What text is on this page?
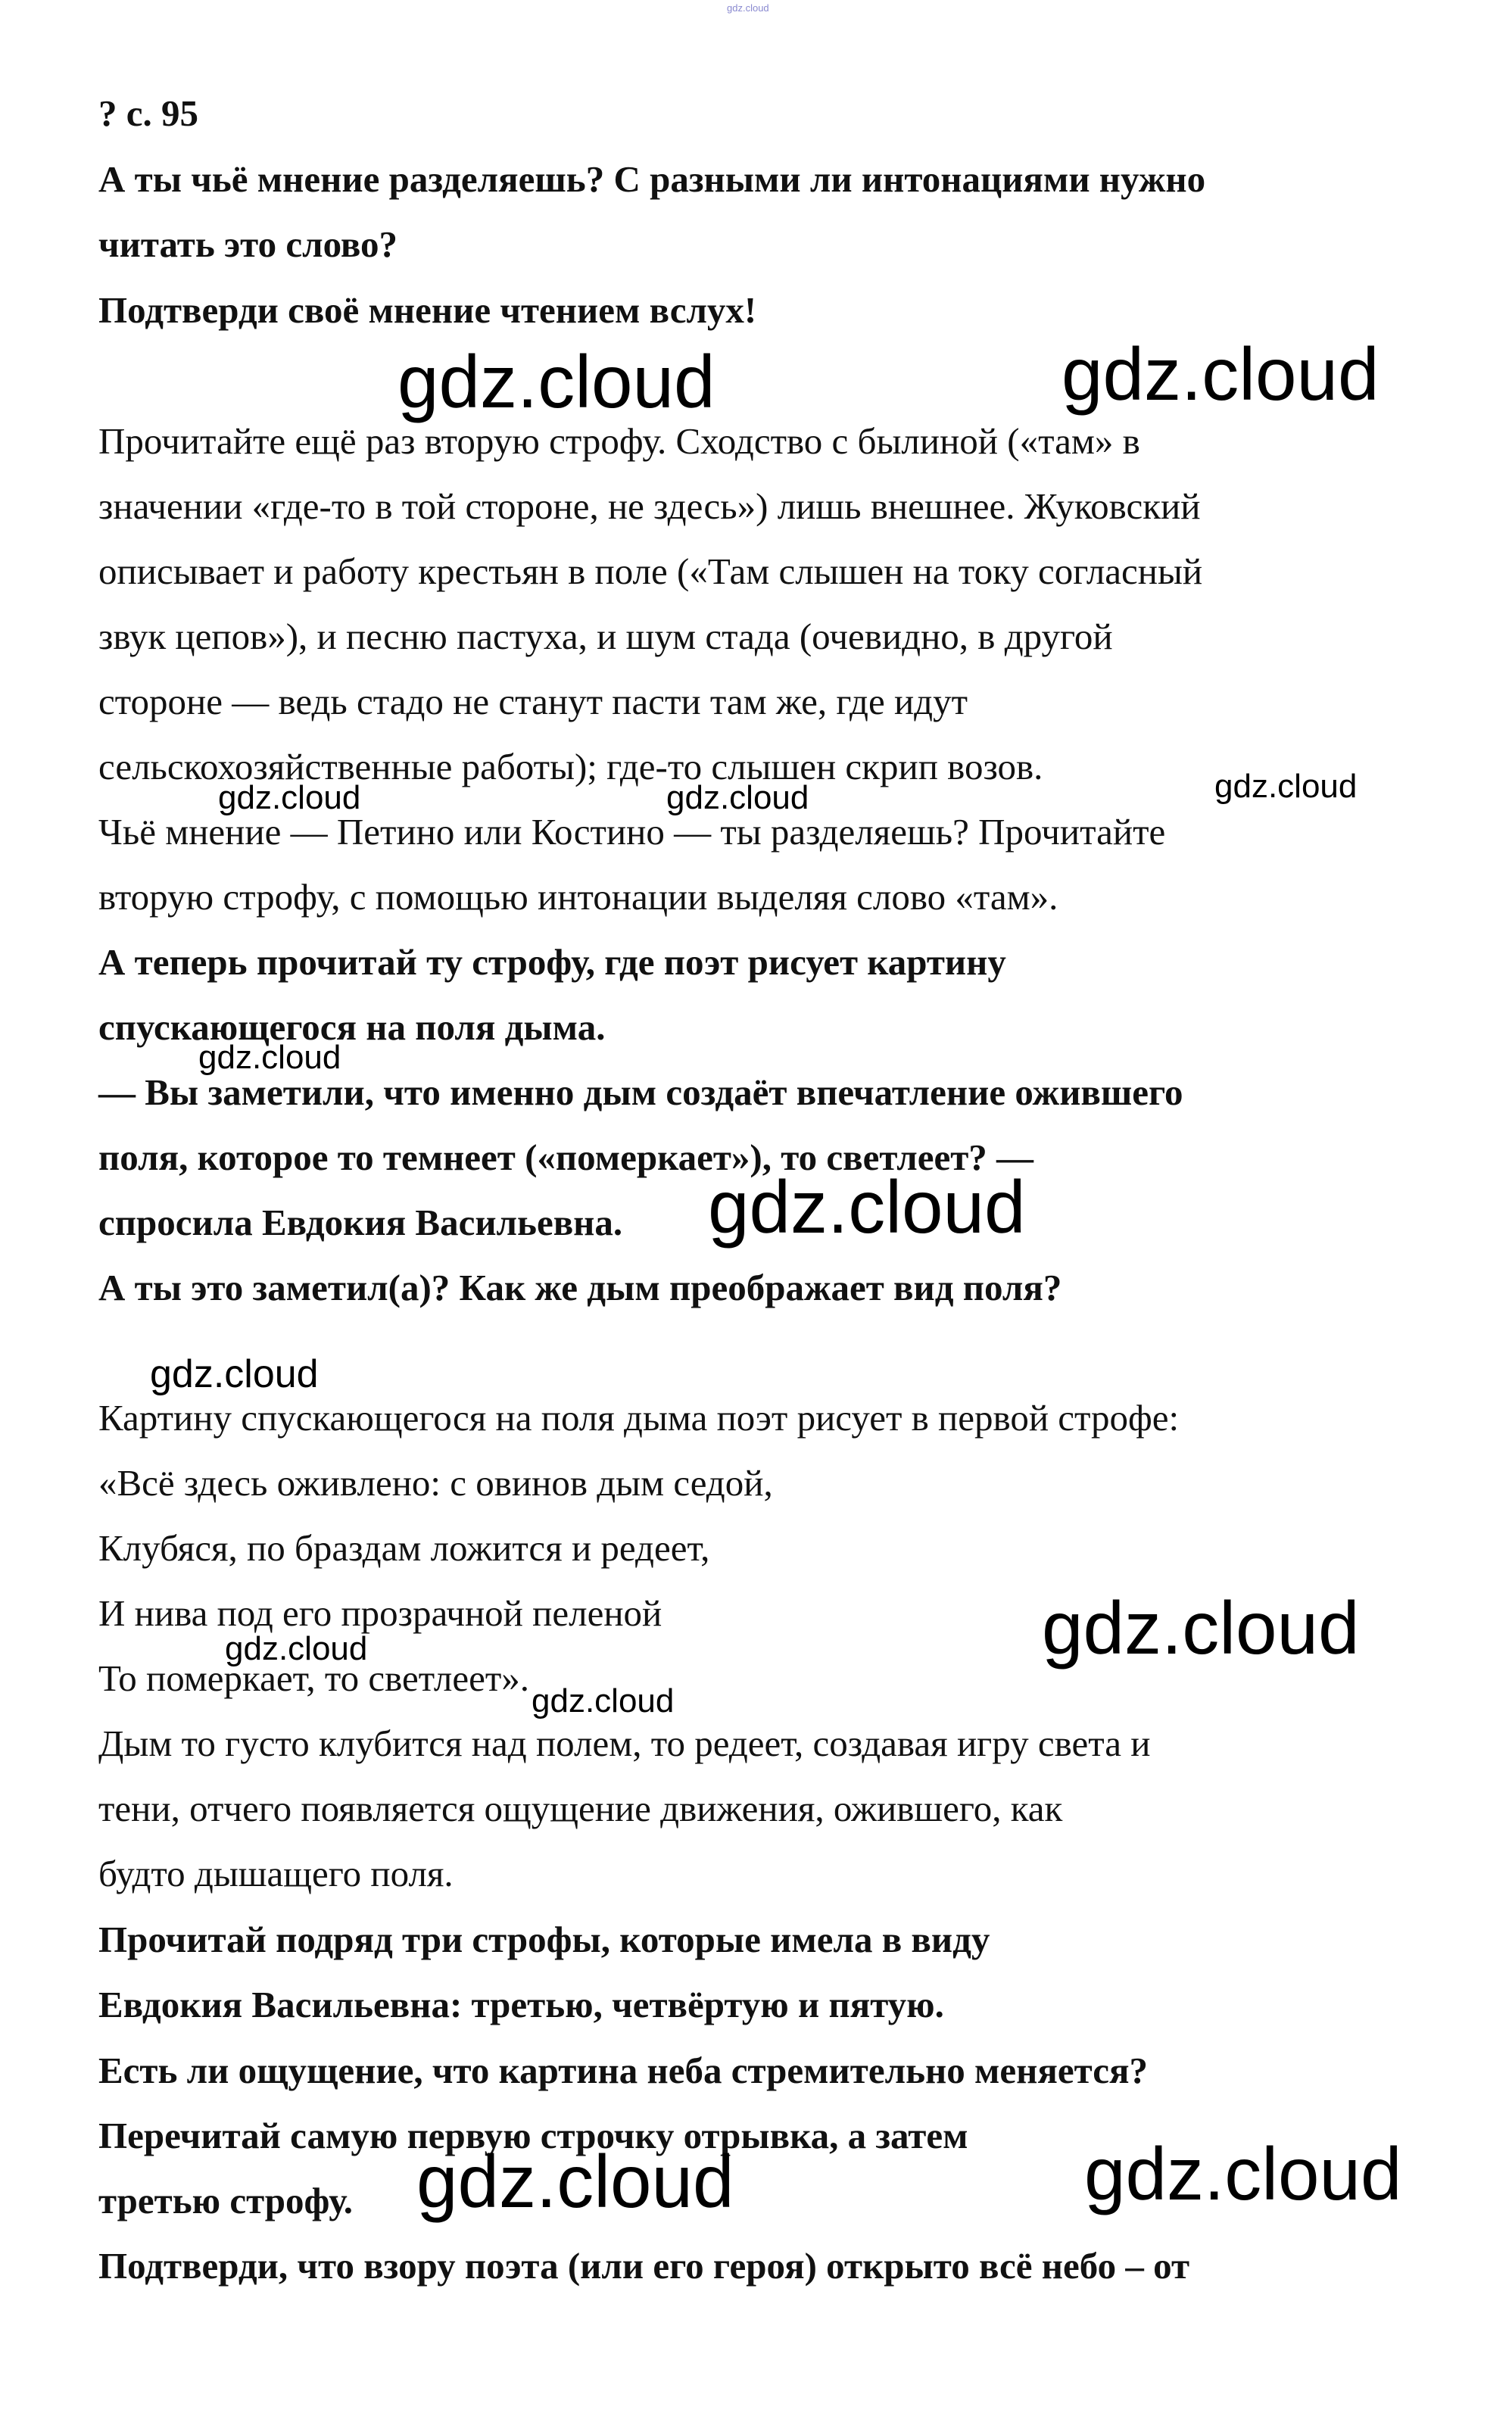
gdz.cloud
? с. 95
А ты чьё мнение разделяешь? С разными ли интонациями нужно
читать это слово?
Подтверди своё мнение чтением вслух!
Прочитайте ещё раз вторую строфу. Сходство с былиной («там» в
значении «где-то в той стороне, не здесь») лишь внешнее. Жуковский
описывает и работу крестьян в поле («Там слышен на току согласный
звук цепов»), и песню пастуха, и шум стада (очевидно, в другой
стороне — ведь стадо не станут пасти там же, где идут
сельскохозяйственные работы); где-то слышен скрип возов.
Чьё мнение — Петино или Костино — ты разделяешь? Прочитайте
вторую строфу, с помощью интонации выделяя слово «там».
А теперь прочитай ту строфу, где поэт рисует картину
спускающегося на поля дыма.
— Вы заметили, что именно дым создаёт впечатление ожившего
поля, которое то темнеет («померкает»), то светлеет? —
спросила Евдокия Васильевна.
А ты это заметил(а)? Как же дым преображает вид поля?
Картину спускающегося на поля дыма поэт рисует в первой строфе:
«Всё здесь оживлено: с овинов дым седой,
Клубяся, по браздам ложится и редеет,
И нива под его прозрачной пеленой
То померкает, то светлеет».
Дым то густо клубится над полем, то редеет, создавая игру света и
тени, отчего появляется ощущение движения, ожившего, как
будто дышащего поля.
Прочитай подряд три строфы, которые имела в виду
Евдокия Васильевна: третью, четвёртую и пятую.
Есть ли ощущение, что картина неба стремительно меняется?
Перечитай самую первую строчку отрывка, а затем
третью строфу.
Подтверди, что взору поэта (или его героя) открыто всё небо – от
gdz.cloud	gdz.cloud
gdz.cloud	gdz.cloud	gdz.cloud
gdz.cloud
gdz.cloud
gdz.cloud
gdz.cloud
gdz.cloud
gdz.cloud
gdz.cloud	gdz.cloud
